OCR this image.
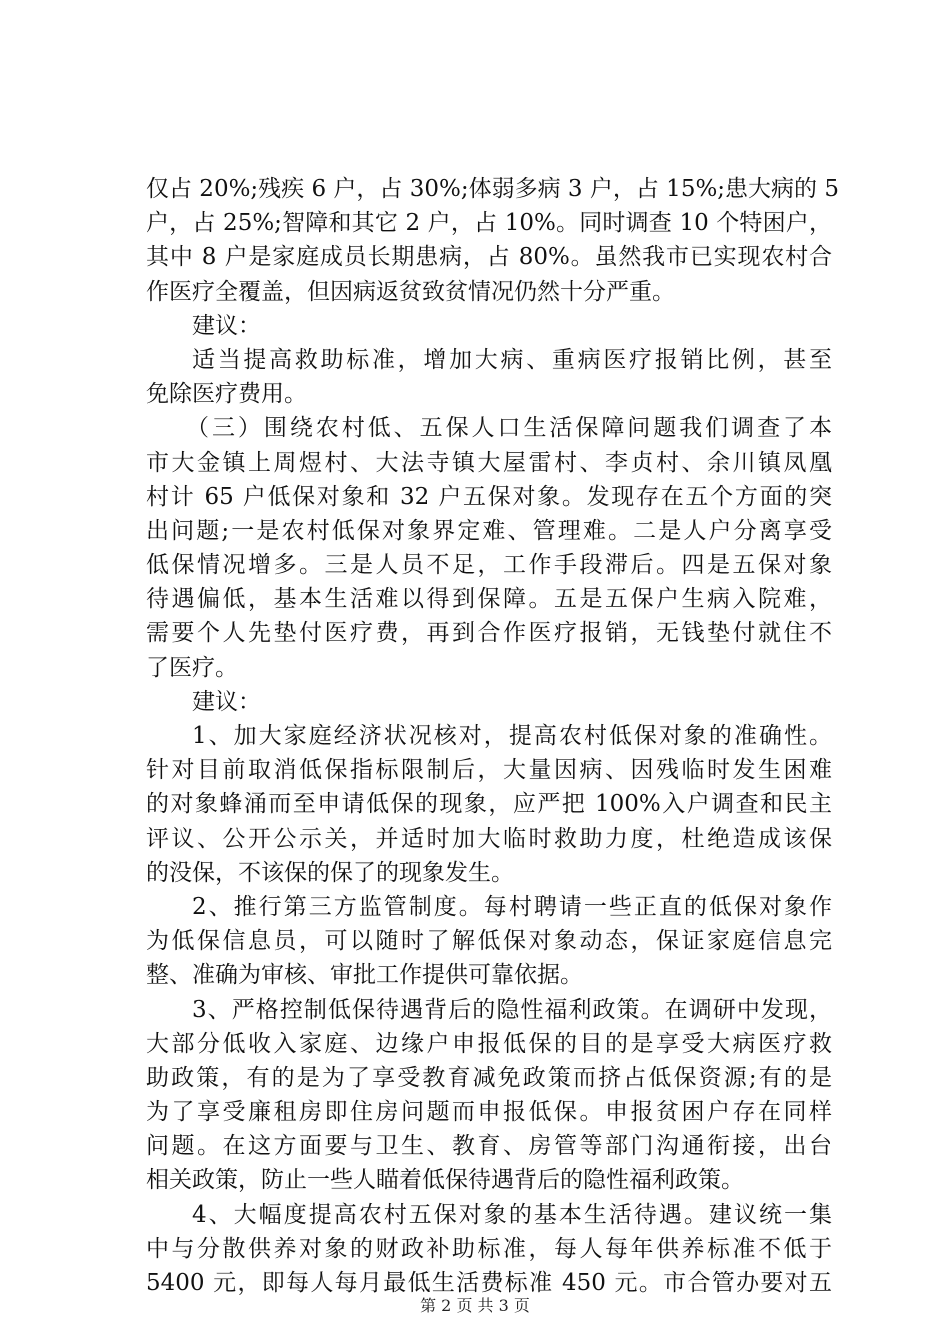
仅占 20%;残疾 6 户，占 30%;体弱多病 3 户，占 15%;患大病的 5
户，占 25%;智障和其它 2 户，占 10%。同时调查 10 个特困户，
其中 8 户是家庭成员长期患病，占 80%。虽然我市已实现农村合
作医疗全覆盖，但因病返贫致贫情况仍然十分严重。
建议：
适当提高救助标准，增加大病、重病医疗报销比例，甚至
免除医疗费用。
（三）围绕农村低、五保人口生活保障问题我们调查了本
市大金镇上周煜村、大法寺镇大屋雷村、李贞村、余川镇凤凰
村计 65 户低保对象和 32 户五保对象。发现存在五个方面的突
出问题;一是农村低保对象界定难、管理难。二是人户分离享受
低保情况增多。三是人员不足，工作手段滞后。四是五保对象
待遇偏低，基本生活难以得到保障。五是五保户生病入院难，
需要个人先垫付医疗费，再到合作医疗报销，无钱垫付就住不
了医疗。
建议：
1、加大家庭经济状况核对，提高农村低保对象的准确性。
针对目前取消低保指标限制后，大量因病、因残临时发生困难
的对象蜂涌而至申请低保的现象，应严把 100%入户调查和民主
评议、公开公示关，并适时加大临时救助力度，杜绝造成该保
的没保，不该保的保了的现象发生。
2、推行第三方监管制度。每村聘请一些正直的低保对象作
为低保信息员，可以随时了解低保对象动态，保证家庭信息完
整、准确为审核、审批工作提供可靠依据。
3、严格控制低保待遇背后的隐性福利政策。在调研中发现，
大部分低收入家庭、边缘户申报低保的目的是享受大病医疗救
助政策，有的是为了享受教育减免政策而挤占低保资源;有的是
为了享受廉租房即住房问题而申报低保。申报贫困户存在同样
问题。在这方面要与卫生、教育、房管等部门沟通衔接，出台
相关政策，防止一些人瞄着低保待遇背后的隐性福利政策。
4、大幅度提高农村五保对象的基本生活待遇。建议统一集
中与分散供养对象的财政补助标准，每人每年供养标准不低于
5400 元，即每人每月最低生活费标准 450 元。市合管办要对五
第 2 页 共 3 页
